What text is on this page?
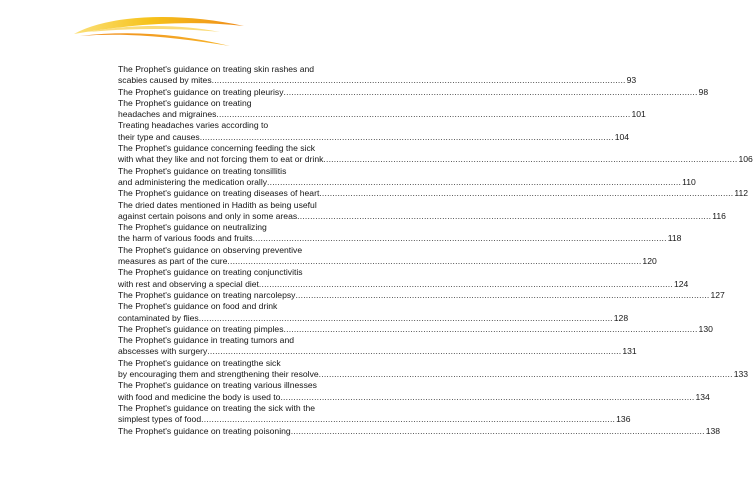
The Prophet's guidance on treating skin rashes and
scabies caused by mites ................................................................................................................................................................ 93
The Prophet's guidance on treating pleurisy ................................................................................................................................................................ 98
The Prophet's guidance on treating
headaches and migraines ................................................................................................................................................................ 101
Treating headaches varies according to
their type and causes ................................................................................................................................................................ 104
The Prophet's guidance concerning feeding the sick
with what they like and not forcing them to eat or drink ................................................................................................................................................................ 106
The Prophet's guidance on treating tonsillitis
and administering the medication orally ................................................................................................................................................................ 110
The Prophet's guidance on treating diseases of heart ................................................................................................................................................................ 112
The dried dates mentioned in Hadith as being useful
against certain poisons and only in some areas ................................................................................................................................................................ 116
The Prophet's guidance on neutralizing
the harm of various foods and fruits ................................................................................................................................................................ 118
The Prophet's guidance on observing preventive
measures as part of the cure ................................................................................................................................................................ 120
The Prophet's guidance on treating conjunctivitis
with rest and observing a special diet ................................................................................................................................................................ 124
The Prophet's guidance on treating narcolepsy ................................................................................................................................................................ 127
The Prophet's guidance on food and drink
contaminated by flies ................................................................................................................................................................ 128
The Prophet's guidance on treating pimples ................................................................................................................................................................ 130
The Prophet's guidance in treating tumors and
abscesses with surgery ................................................................................................................................................................ 131
The Prophet's guidance on treatingthe sick
by encouraging them and strengthening their resolve ................................................................................................................................................................ 133
The Prophet's guidance on treating various illnesses
with food and medicine the body is used to ................................................................................................................................................................ 134
The Prophet's guidance on treating the sick with the
simplest types of food ................................................................................................................................................................ 136
The Prophet's guidance on treating poisoning ................................................................................................................................................................ 138
